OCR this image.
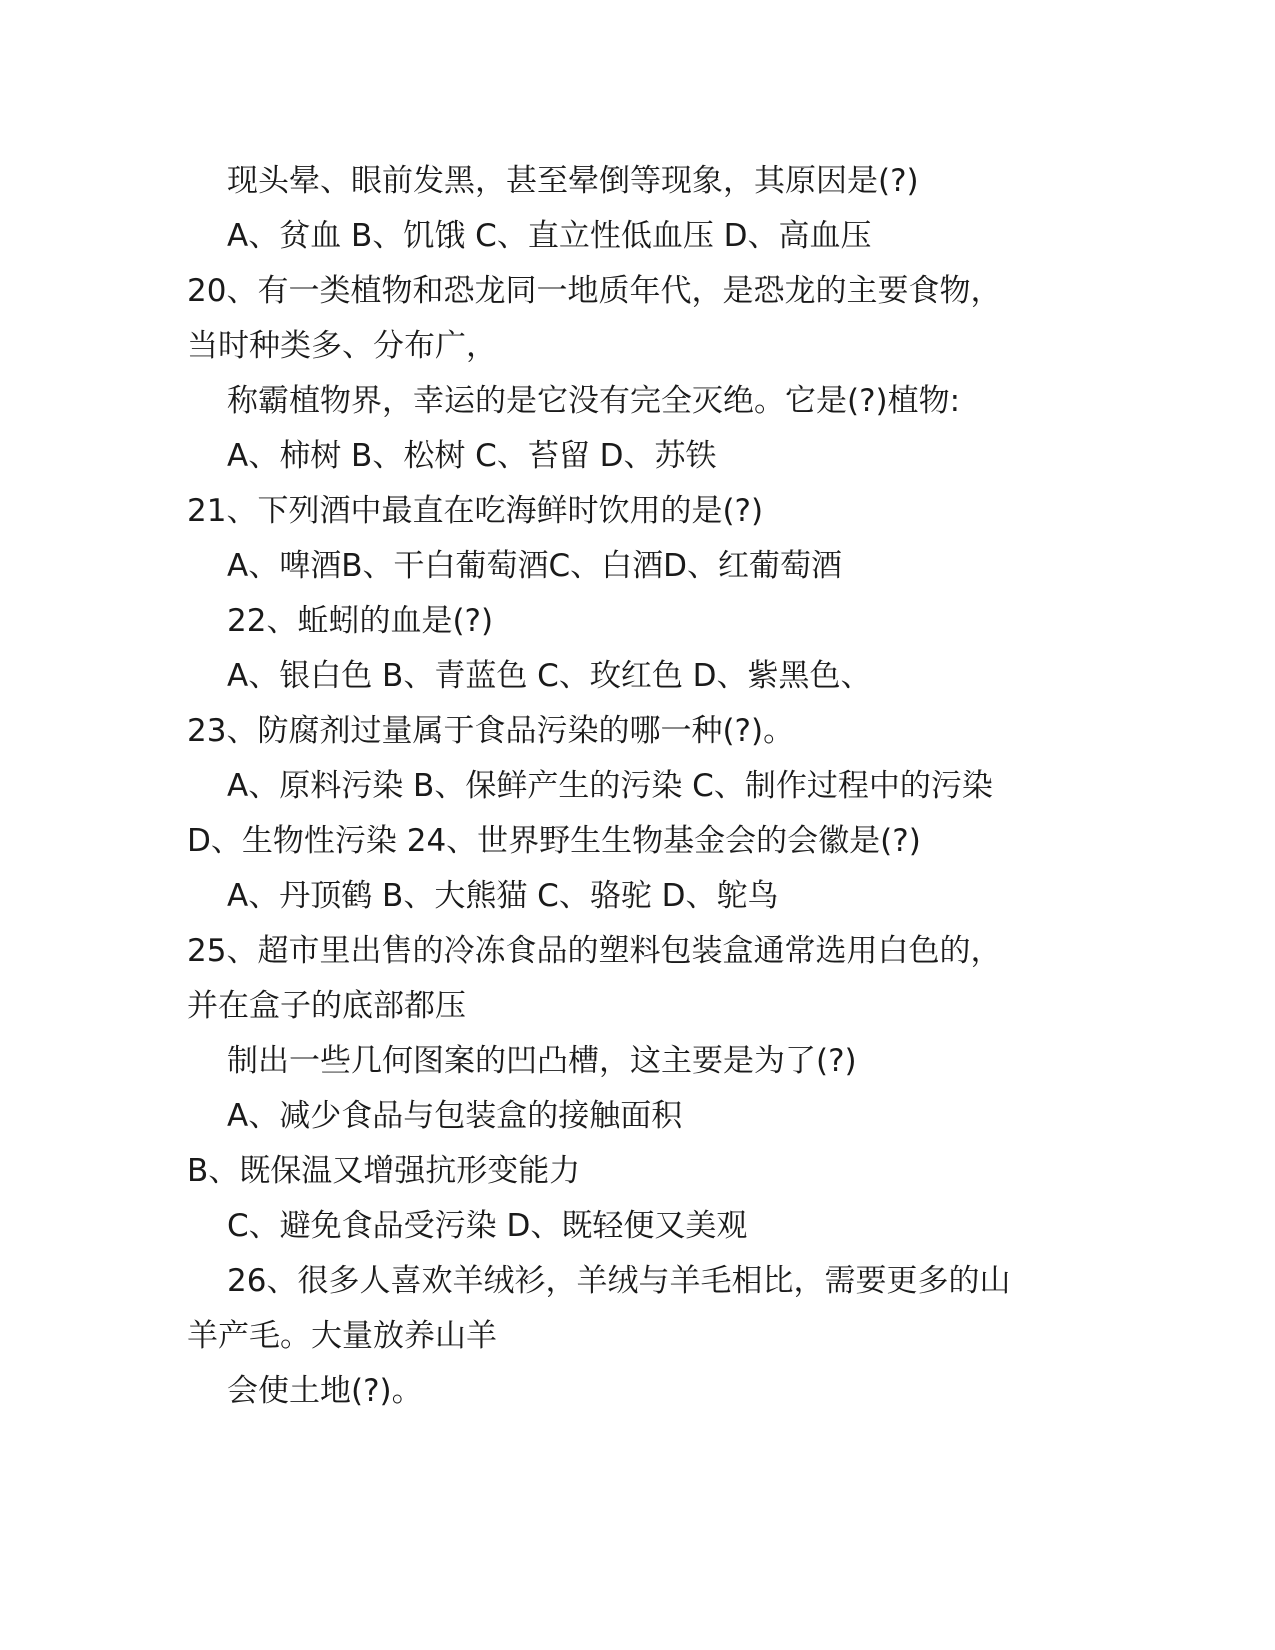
现头晕、眼前发黑，甚至晕倒等现象，其原因是(?)
A、贫血 B、饥饿 C、直立性低血压 D、高血压
20、有一类植物和恐龙同一地质年代，是恐龙的主要食物，
当时种类多、分布广，
称霸植物界，幸运的是它没有完全灭绝。它是(?)植物:
A、柿树 B、松树 C、苔留 D、苏铁
21、下列酒中最直在吃海鲜时饮用的是(?)
A、啤酒B、干白葡萄酒C、白酒D、红葡萄酒
22、蚯蚓的血是(?)
A、银白色 B、青蓝色 C、玫红色 D、紫黑色、
23、防腐剂过量属于食品污染的哪一种(?)。
A、原料污染 B、保鲜产生的污染 C、制作过程中的污染
D、生物性污染 24、世界野生生物基金会的会徽是(?)
A、丹顶鹤 B、大熊猫 C、骆驼 D、鸵鸟
25、超市里出售的冷冻食品的塑料包装盒通常选用白色的，
并在盒子的底部都压
制出一些几何图案的凹凸槽，这主要是为了(?)
A、减少食品与包装盒的接触面积
B、既保温又增强抗形变能力
C、避免食品受污染 D、既轻便又美观
26、很多人喜欢羊绒衫，羊绒与羊毛相比，需要更多的山
羊产毛。大量放养山羊
会使土地(?)。
